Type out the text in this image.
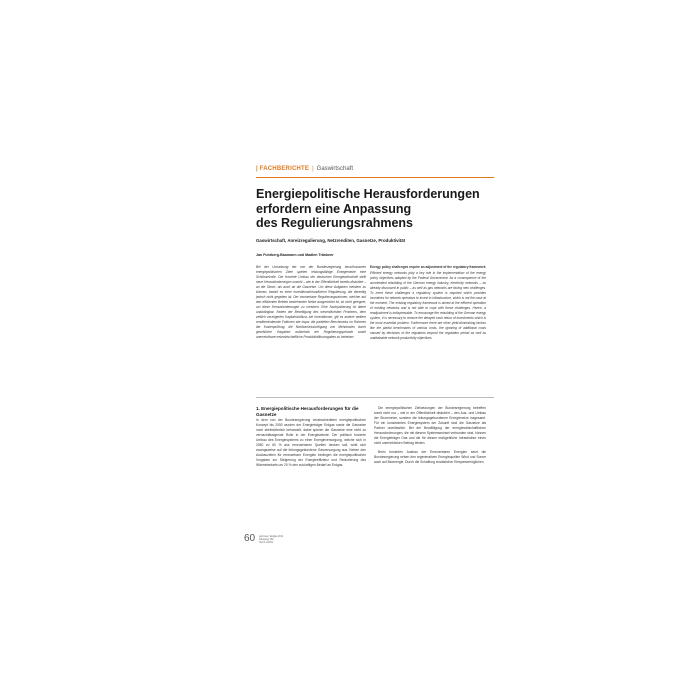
| FACHBERICHTE | Gaswirtschaft
Energiepolitische Herausforderungen
erfordern eine Anpassung
des Regulierungsrahmens
Gaswirtschaft, Anreizregulierung, Netzrenditen, Gasnetze, Produktivität
Jan Fuhrberg-Baumann und Madlen Tränkner
Bei der Umsetzung der von der Bundesregierung beschlossenen energiepolitischen Ziele spielen leistungsfähige Energienetze eine Schlüsselrolle. Der forcierte Umbau der deutschen Energiewirtschaft stellt neue Herausforderungen sowohl – wie in der Öffentlichkeit bereits diskutiert – an die Strom- als auch an die Gasnetze. Um diese Aufgaben meistern zu können, bedarf es einer investitionsfreundlichen Regulierung, die derzeitig jedoch nicht gegeben ist. Der momentane Regulierungsrahmen, welcher auf den effizienten Betrieb bestehender Netze ausgerichtet ist, ist nicht geeignet, um diese Herausforderungen zu meistern. Eine Nachjustierung ist daher unabdingbar. Neben der Beseitigung des wesentlichsten Problems, dem zeitlich verzögerten Kapitalrückfluss bei Investitionen, gilt es andere weitere renditemindernde Faktoren wie bspw. die partiellen Benchmarks im Rahmen der Kostenprüfung, die Nichtberücksichtigung von Mehrkosten durch gesetzliche Vorgaben außerhalb der Regulierungsperiode sowie unerreichbare netzwirtschaftliche Produktivitätsvorgaben zu beheben.
Energy policy challenges require an adjustment of the regulatory framework
Efficient energy networks play a key role in the implementation of the energy policy objectives adopted by the Federal Government. As a consequence of the accelerated rebuilding of the German energy industry, electricity networks – as already discussed in public – as well as gas networks are facing new challenges. To meet these challenges a regulatory system is required which provides incentives for network operators to invest in infrastructure, which is not the case at the moment. The existing regulatory framework is aimed at the efficient operation of existing networks and is not able to cope with these challenges. Hence, a readjustment is indispensable. To encourage the rebuilding of the German energy system, it is necessary to remove the delayed cash return of investments which is the most essential problem. Furthermore there are other yield-diminishing factors like the partial benchmarks of various costs, the ignoring of additional costs caused by decisions of the regulators beyond the regulation period as well as unattainable network productivity objectives.
1. Energiepolitische Herausforderungen für die Gasnetze
In dem von der Bundesregierung verabschiedeten energiepolitischen Konzept bis 2050 wurden der Energieträger Erdgas sowie die Gasnetze noch stiefmütterlich behandelt, dabei spielen die Gasnetze eine nicht zu vernachlässigende Rolle in der Energiewende. Der politisch forcierte Umbau des Energiesystems zu einer Energieversorgung, welche sich in 2050 zu 60 % aus erneuerbaren Quellen decken soll, wirkt sich zwangsweise auf die leitungsgebundene Gasversorgung aus. Neben den Ausbauzielen für erneuerbare Energien bedingen die energiepolitischen Vorgaben zur Steigerung der Energieeffizienz und Reduzierung des Wärmebedarfs um 20 % den zukünftigen Bedarf an Erdgas.

Die energiepolitischen Zielsetzungen der Bundesregierung betreffen somit nicht nur – wie in der Öffentlichkeit diskutiert – den Aus- und Umbau der Stromnetze, sondern die leitungsgebundenen Energienetze insgesamt. Für ein konsistentes Energiesystem der Zukunft sind die Gasnetze als Partner unerlässlich. Bei der Bewältigung der energiewirtschaftlichen Herausforderungen, die mit diesem Systemwechsel verbunden sind, können die Energieträger Gas und die für diesen maßgebliche Infrastruktur einen nicht unerheblichen Beitrag leisten.

Beim forcierten Ausbau der Erneuerbaren Energien setzt die Bundesregierung neben den regenerativen Energiequellen Wind und Sonne auch auf Bioenergie. Durch die Schaffung zusätzlicher Einspeisemöglichen

60 gwf-Gas | Erdgas 2011
Jahrgang 152
Heft 1-2/2011
